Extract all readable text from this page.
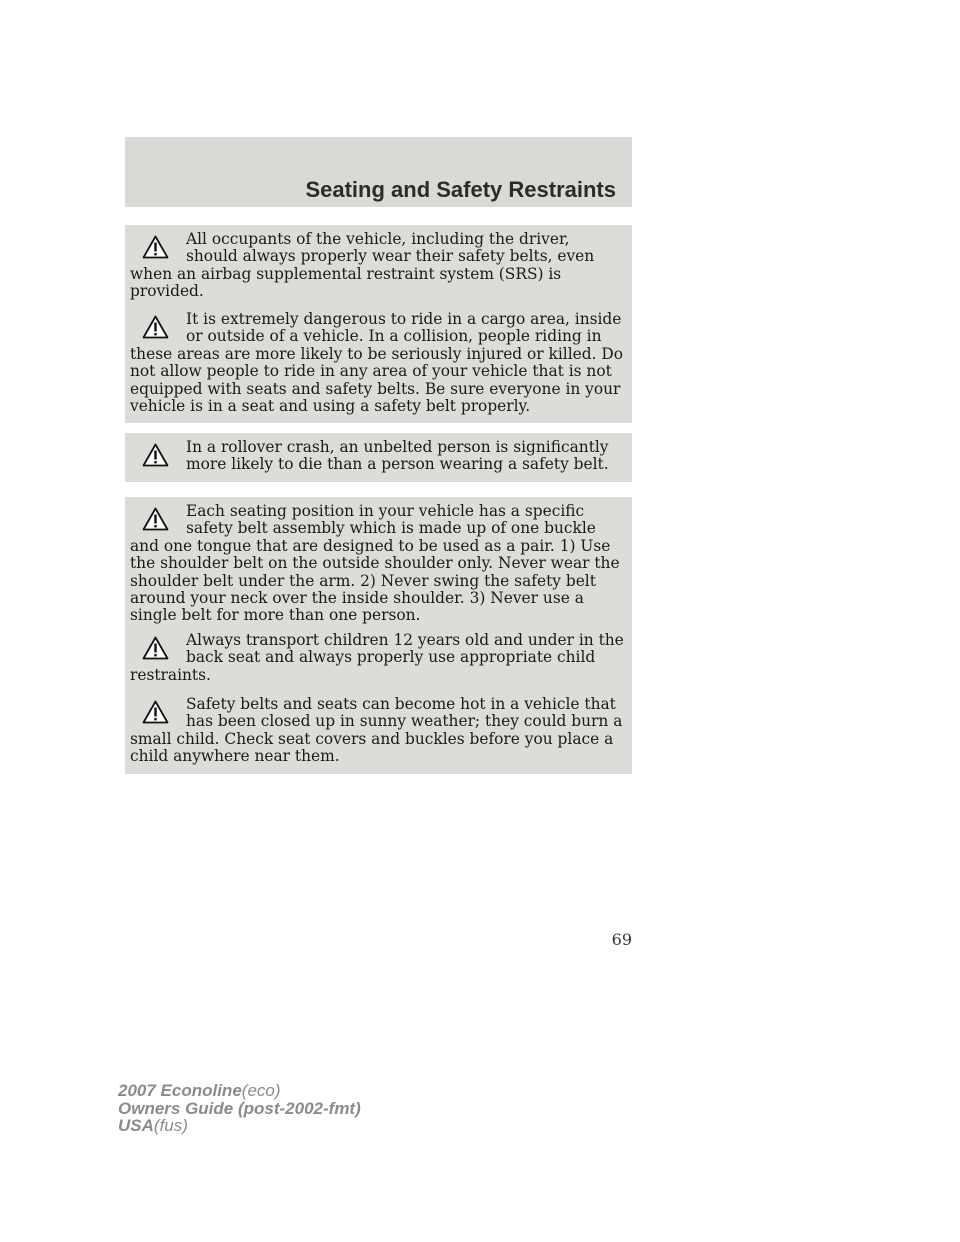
Seating and Safety Restraints
All occupants of the vehicle, including the driver, should always properly wear their safety belts, even when an airbag supplemental restraint system (SRS) is provided.
It is extremely dangerous to ride in a cargo area, inside or outside of a vehicle. In a collision, people riding in these areas are more likely to be seriously injured or killed. Do not allow people to ride in any area of your vehicle that is not equipped with seats and safety belts. Be sure everyone in your vehicle is in a seat and using a safety belt properly.
In a rollover crash, an unbelted person is significantly more likely to die than a person wearing a safety belt.
Each seating position in your vehicle has a specific safety belt assembly which is made up of one buckle and one tongue that are designed to be used as a pair. 1) Use the shoulder belt on the outside shoulder only. Never wear the shoulder belt under the arm. 2) Never swing the safety belt around your neck over the inside shoulder. 3) Never use a single belt for more than one person.
Always transport children 12 years old and under in the back seat and always properly use appropriate child restraints.
Safety belts and seats can become hot in a vehicle that has been closed up in sunny weather; they could burn a small child. Check seat covers and buckles before you place a child anywhere near them.
69
2007 Econoline(eco)
Owners Guide (post-2002-fmt)
USA(fus)
